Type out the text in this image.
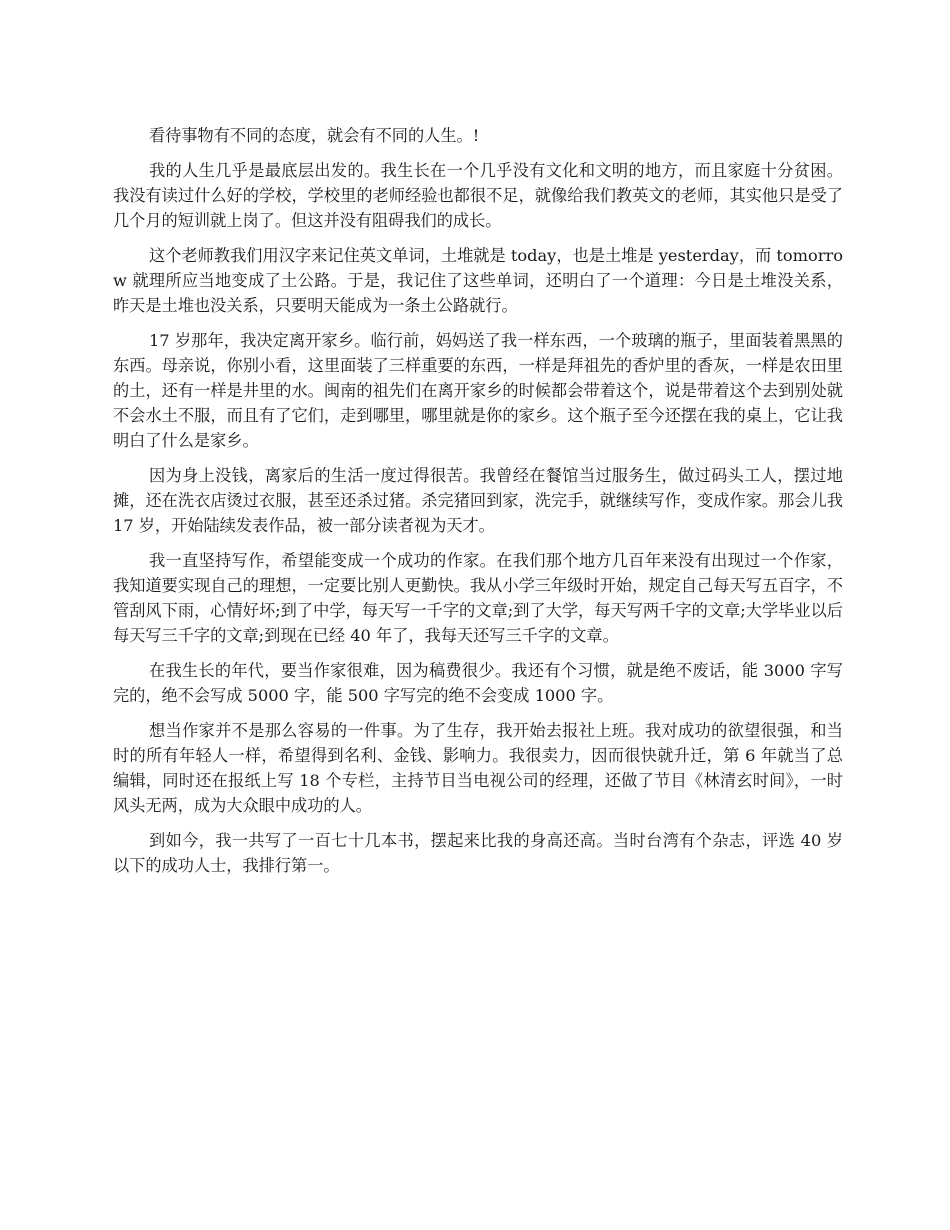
看待事物有不同的态度，就会有不同的人生。!

我的人生几乎是最底层出发的。我生长在一个几乎没有文化和文明的地方，而且家庭十分贫困。我没有读过什么好的学校，学校里的老师经验也都很不足，就像给我们教英文的老师，其实他只是受了几个月的短训就上岗了。但这并没有阻碍我们的成长。

这个老师教我们用汉字来记住英文单词，土堆就是 today，也是土堆是 yesterday，而 tomorrow 就理所应当地变成了土公路。于是，我记住了这些单词，还明白了一个道理：今日是土堆没关系，昨天是土堆也没关系，只要明天能成为一条土公路就行。

17 岁那年，我决定离开家乡。临行前，妈妈送了我一样东西，一个玻璃的瓶子，里面装着黑黑的东西。母亲说，你别小看，这里面装了三样重要的东西，一样是拜祖先的香炉里的香灰，一样是农田里的土，还有一样是井里的水。闽南的祖先们在离开家乡的时候都会带着这个，说是带着这个去到别处就不会水土不服，而且有了它们，走到哪里，哪里就是你的家乡。这个瓶子至今还摆在我的桌上，它让我明白了什么是家乡。

因为身上没钱，离家后的生活一度过得很苦。我曾经在餐馆当过服务生，做过码头工人，摆过地摊，还在洗衣店烫过衣服，甚至还杀过猪。杀完猪回到家，洗完手，就继续写作，变成作家。那会儿我 17 岁，开始陆续发表作品，被一部分读者视为天才。

我一直坚持写作，希望能变成一个成功的作家。在我们那个地方几百年来没有出现过一个作家，我知道要实现自己的理想，一定要比别人更勤快。我从小学三年级时开始，规定自己每天写五百字，不管刮风下雨，心情好坏;到了中学，每天写一千字的文章;到了大学，每天写两千字的文章;大学毕业以后每天写三千字的文章;到现在已经 40 年了，我每天还写三千字的文章。

在我生长的年代，要当作家很难，因为稿费很少。我还有个习惯，就是绝不废话，能 3000 字写完的，绝不会写成 5000 字，能 500 字写完的绝不会变成 1000 字。

想当作家并不是那么容易的一件事。为了生存，我开始去报社上班。我对成功的欲望很强，和当时的所有年轻人一样，希望得到名利、金钱、影响力。我很卖力，因而很快就升迁，第 6 年就当了总编辑，同时还在报纸上写 18 个专栏，主持节目当电视公司的经理，还做了节目《林清玄时间》，一时风头无两，成为大众眼中成功的人。

到如今，我一共写了一百七十几本书，摆起来比我的身高还高。当时台湾有个杂志，评选 40 岁以下的成功人士，我排行第一。
